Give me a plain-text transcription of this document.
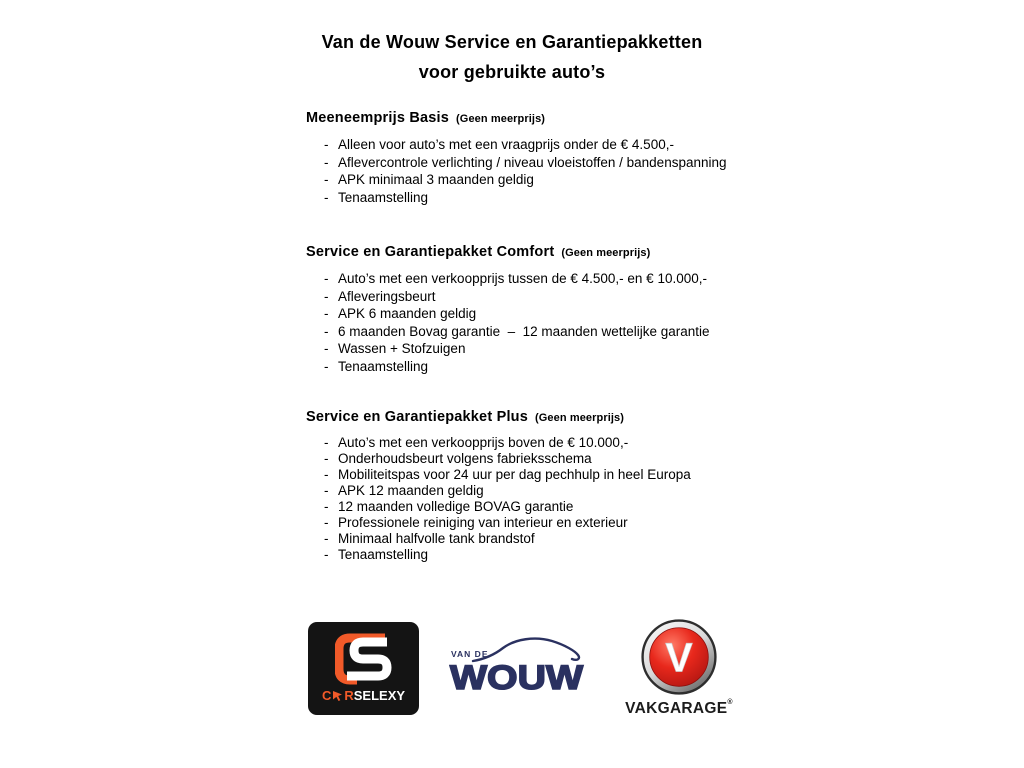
Van de Wouw Service en Garantiepakketten
voor gebruikte auto’s
Meeneemprijs Basis (Geen meerprijs)
- Alleen voor auto’s met een vraagprijs onder de € 4.500,-
- Aflevercontrole verlichting / niveau vloeistoffen / bandenspanning
- APK minimaal 3 maanden geldig
- Tenaamstelling
Service en Garantiepakket Comfort (Geen meerprijs)
- Auto’s met een verkoopprijs tussen de € 4.500,- en € 10.000,-
- Afleveringsbeurt
- APK 6 maanden geldig
- 6 maanden Bovag garantie  –  12 maanden wettelijke garantie
- Wassen + Stofzuigen
- Tenaamstelling
Service en Garantiepakket Plus (Geen meerprijs)
- Auto’s met een verkoopprijs boven de € 10.000,-
- Onderhoudsbeurt volgens fabrieksschema
- Mobiliteitspas voor 24 uur per dag pechhulp in heel Europa
- APK 12 maanden geldig
- 12 maanden volledige BOVAG garantie
- Professionele reiniging van interieur en exterieur
- Minimaal halfvolle tank brandstof
- Tenaamstelling
C R SELEXY
VAN DE
WOUW V
VAKGARAGE®
